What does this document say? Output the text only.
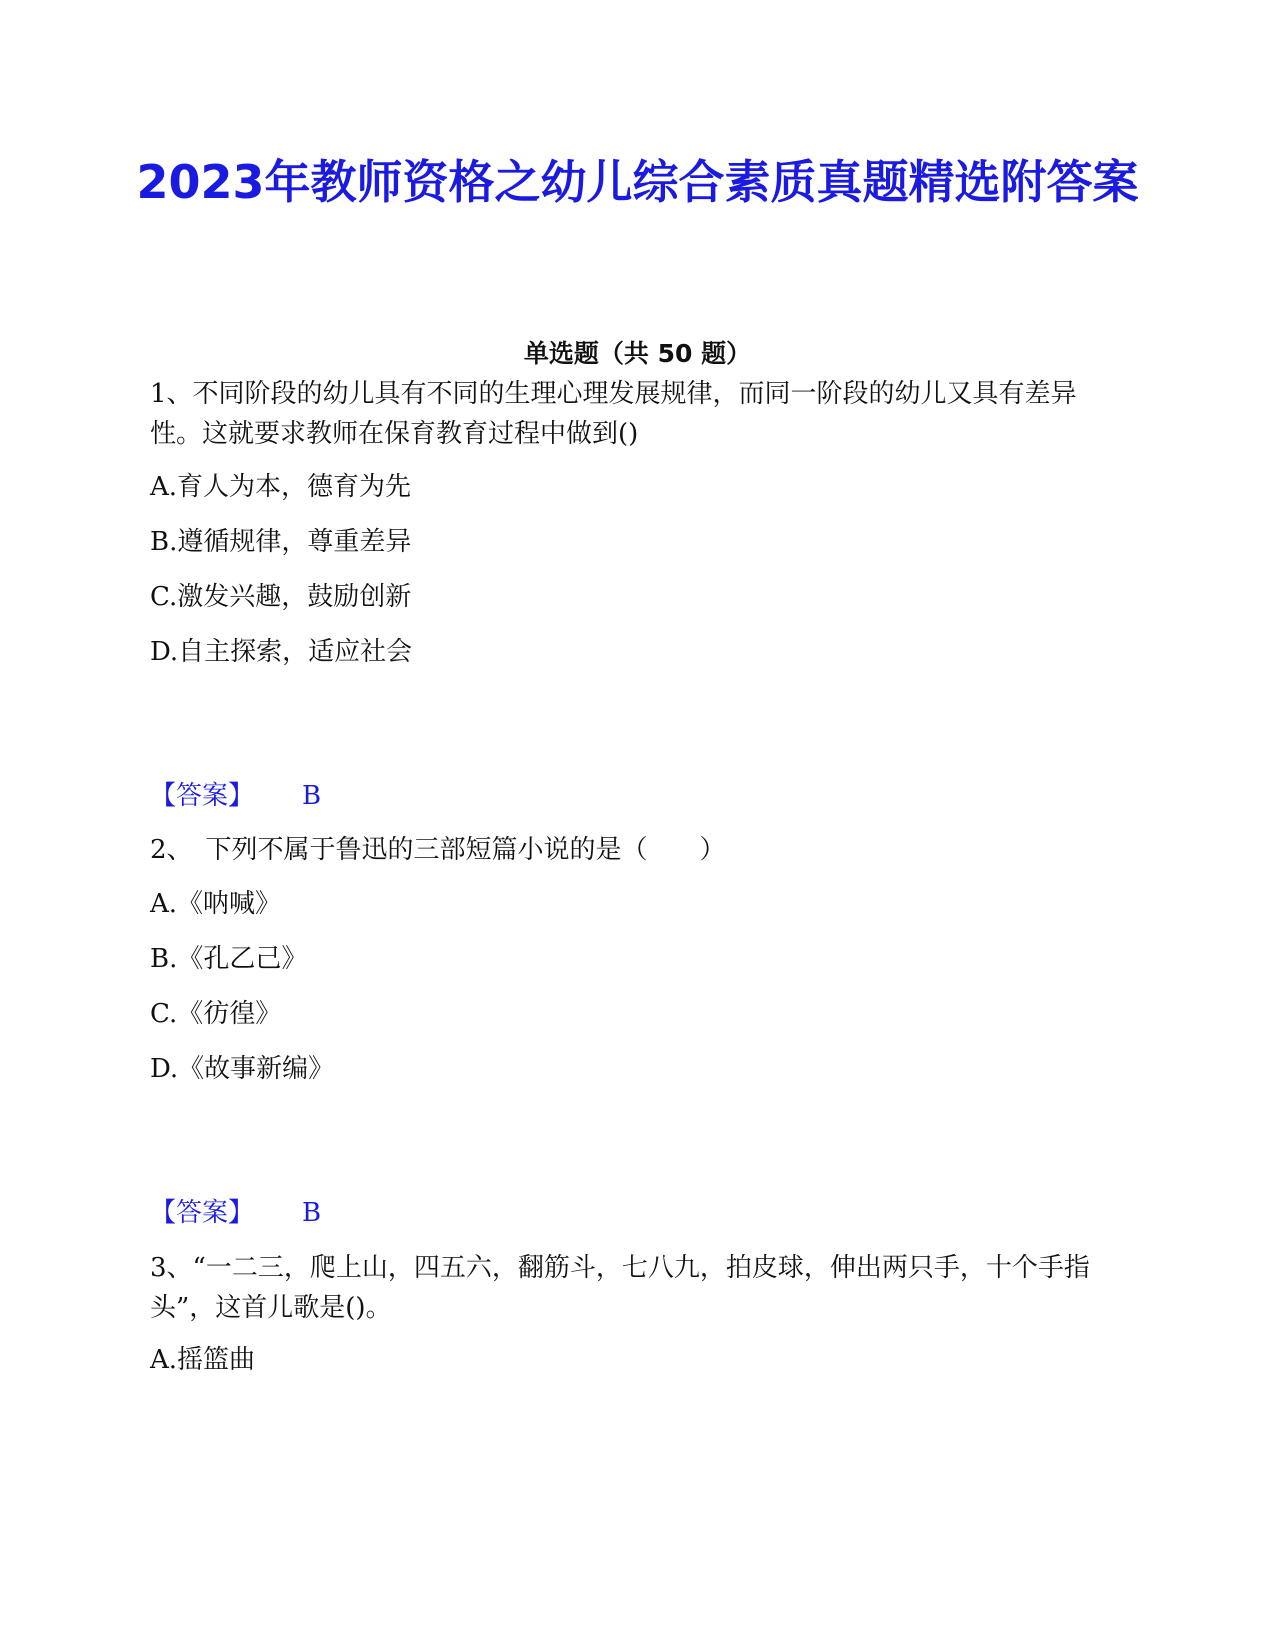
2023年教师资格之幼儿综合素质真题精选附答案
单选题（共 50 题）
1、不同阶段的幼儿具有不同的生理心理发展规律，而同一阶段的幼儿又具有差异性。这就要求教师在保育教育过程中做到()
A.育人为本，德育为先
B.遵循规律，尊重差异
C.激发兴趣，鼓励创新
D.自主探索，适应社会
【答案】 B
2、　下列不属于鲁迅的三部短篇小说的是（　　）
A.《呐喊》
B.《孔乙己》
C.《彷徨》
D.《故事新编》
【答案】 B
3、“一二三，爬上山，四五六，翻筋斗，七八九，拍皮球，伸出两只手，十个手指头”，这首儿歌是()。
A.摇篮曲
